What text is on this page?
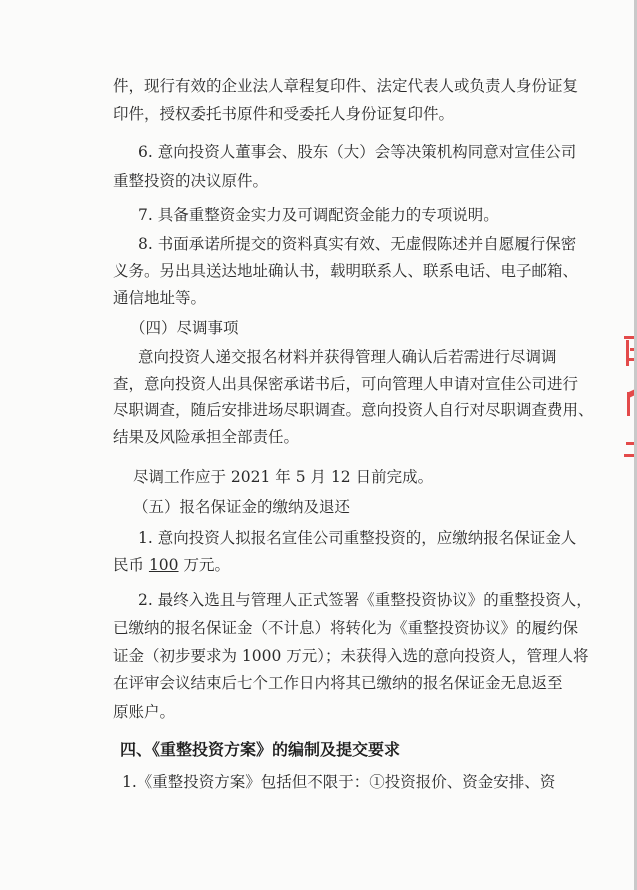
件，现行有效的企业法人章程复印件、法定代表人或负责人身份证复
印件，授权委托书原件和受委托人身份证复印件。
6. 意向投资人董事会、股东（大）会等决策机构同意对宣佳公司
重整投资的决议原件。
7. 具备重整资金实力及可调配资金能力的专项说明。
8. 书面承诺所提交的资料真实有效、无虚假陈述并自愿履行保密
义务。另出具送达地址确认书，载明联系人、联系电话、电子邮箱、
通信地址等。
（四）尽调事项
意向投资人递交报名材料并获得管理人确认后若需进行尽调调
查，意向投资人出具保密承诺书后，可向管理人申请对宣佳公司进行
尽职调查，随后安排进场尽职调查。意向投资人自行对尽职调查费用、
结果及风险承担全部责任。
尽调工作应于 2021 年 5 月 12 日前完成。
（五）报名保证金的缴纳及退还
1. 意向投资人拟报名宣佳公司重整投资的，应缴纳报名保证金人
民币 100 万元。
2. 最终入选且与管理人正式签署《重整投资协议》的重整投资人，
已缴纳的报名保证金（不计息）将转化为《重整投资协议》的履约保
证金（初步要求为 1000 万元）；未获得入选的意向投资人，管理人将
在评审会议结束后七个工作日内将其已缴纳的报名保证金无息返至
原账户。
四、《重整投资方案》的编制及提交要求
1.《重整投资方案》包括但不限于：①投资报价、资金安排、资
